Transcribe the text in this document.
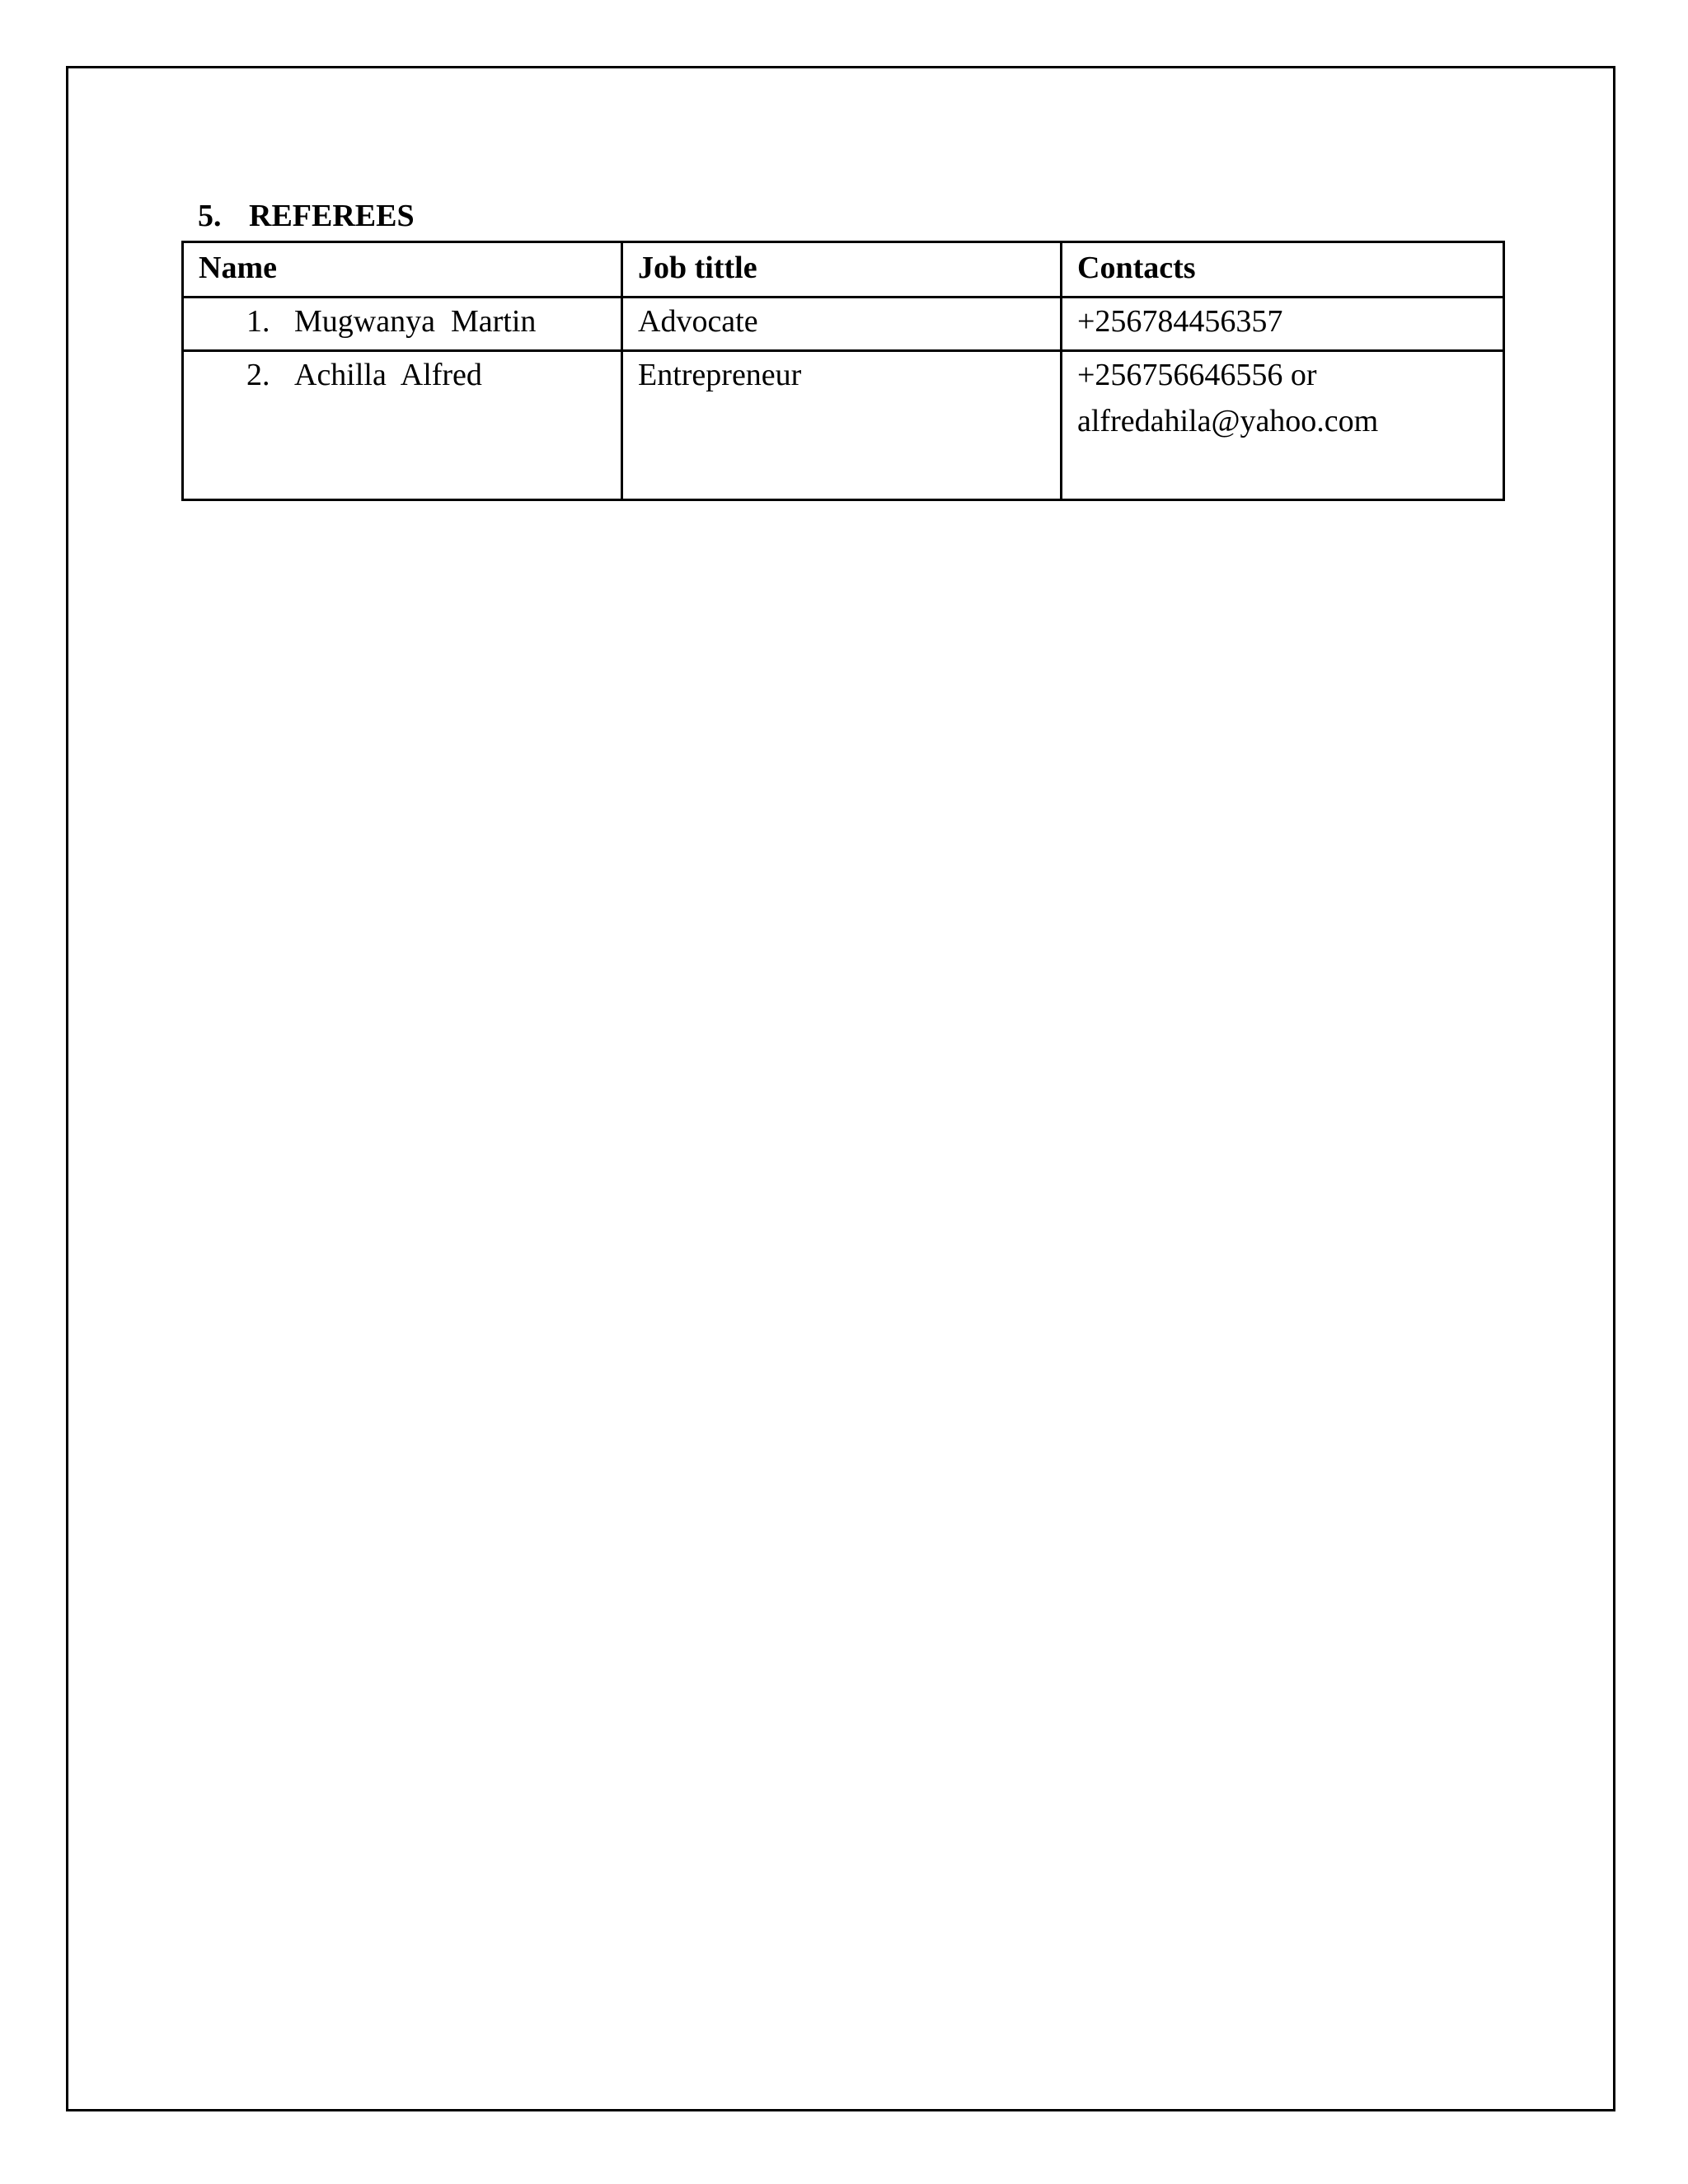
5. REFEREES
Name	Job tittle	Contacts
1. Mugwanya  Martin	Advocate	+256784456357

2. Achilla  Alfred	Entrepreneur	+256756646556 or
alfredahila@yahoo.com
